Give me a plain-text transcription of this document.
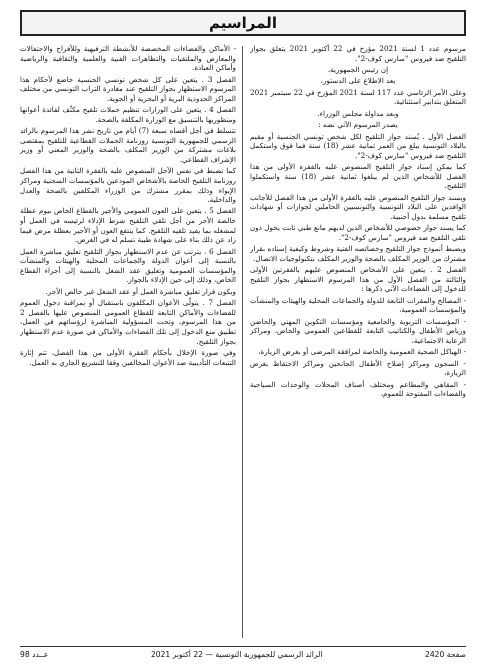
المراسيم

مرسوم عدد 1 لسنة 2021 مؤرخ في 22 أكتوبر 2021 يتعلق بجواز التلقيح ضد فيروس "سارس كوف-2".

إن رئيس الجمهورية،

بعد الاطلاع على الدستور،

وعلى الأمر الرئاسي عدد 117 لسنة 2021 المؤرخ في 22 سبتمبر 2021 المتعلق بتدابير استثنائية،

وبعد مداولة مجلس الوزراء.

يصدر المرسوم الآتي نصه :

الفصل الأول . يُسند جواز التلقيح لكل شخص تونسي الجنسية أو مقيم بالبلاد التونسية يبلغ من العمر ثمانية عشر (18) سنة فما فوق واستكمل التلقيح ضد فيروس "سارس كوف-2".

كما يمكن إسناد جواز التلقيح المنصوص عليه بالفقرة الأولى من هذا الفصل للأشخاص الذين لم يبلغوا ثمانية عشر (18) سنة واستكملوا التلقيح.

ويسند جواز التلقيح المنصوص عليه بالفقرة الأولى من هذا الفصل للأجانب الوافدين على البلاد التونسية والتونسيين الحاملين لجوازات أو شهادات تلقيح مسلمة بدول أجنبية.

كما يسند جواز خصوصي للأشخاص الذين لديهم مانع طبي ثابت يحول دون تلقي التلقيح ضد فيروس "سارس كوف-2".

ويضبط أنموذج جواز التلقيح وخصائصه الفنية وشروط وكيفية إسناده بقرار مشترك من الوزير المكلف بالصحة والوزير المكلف بتكنولوجيات الاتصال.

الفصل 2 . يتعين على الأشخاص المنصوص عليهم بالفقرتين الأولى والثالثة من الفصل الأول من هذا المرسوم الاستظهار بجواز التلقيح للدخول إلى الفضاءات الآتي ذكرها :

- المصالح والمقرات التابعة للدولة والجماعات المحلية والهيئات والمنشآت والمؤسسات العمومية،

- المؤسسات التربوية والجامعية ومؤسسات التكوين المهني والحاضن ورياض الأطفال والكتاتيب التابعة للقطاعين العمومي والخاص، ومراكز الرعاية الاجتماعية،

- الهياكل الصحية العمومية والخاصة لمرافقة المرضى أو بغرض الزيارة،

- السجون ومراكز إصلاح الأطفال الجانحين ومراكز الاحتفاظ بغرض الزيارة،

- المقاهي والمطاعم ومختلف أصناف المحلات والوحدات السياحية والفضاءات المفتوحة للعموم،

- الأماكن والفضاءات المخصصة للأنشطة الترفيهية وللأفراح والاحتفالات والمعارض والملتقيات والتظاهرات الفنية والعلمية والثقافية والرياضية وأماكن العبادة.

الفصل 3 . يتعين على كل شخص تونسي الجنسية خاضع لأحكام هذا المرسوم الاستظهار بجواز التلقيح عند مغادرة التراب التونسي من مختلف المراكز الحدودية البرية أو البحرية أو الجوية.

الفصل 4 . يتعين على الوزارات تنظيم حملات تلقيح مكثّف لفائدة أعوانها ومنظوريها بالتنسيق مع الوزارة المكلفة بالصحة.

تتسلط في أجل أقصاه سبعة (7) أيام من تاريخ نشر هذا المرسوم بالرائد الرسمي للجمهورية التونسية روزنامة الحملات القطاعية للتلقيح بمقتضى بلاغات مشتركة من الوزير المكلف بالصحة والوزير المعني أو وزير الإشراف القطاعي.

كما تضبط في نفس الأجل المنصوص عليه بالفقرة الثانية من هذا الفصل روزنامة التلقيح الخاصة بالأشخاص المودعين بالمؤسسات السجنية ومراكز الإيواء وذلك بمقرر مشترك من الوزراء المكلفين بالصحة والعدل والداخلية.

الفصل 5 . يتعين على العون العمومي والأجير بالقطاع الخاص بيوم عطلة خالصة الأجر من أجل تلقي التلقيح شرط الإدلاء لرئيسه في العمل أو لمشغله بما يفيد تلقيه التلقيح. كما ينتفع العون أو الأجير بعطلة مرض فيما زاد عن ذلك بناء على شهادة طبية تسلم له في الغرض.

الفصل 6 . يترتب عن عدم الاستظهار بجواز التلقيح تعليق مباشرة العمل بالنسبة إلى أعوان الدولة والجماعات المحلية والهيئات والمنشآت والمؤسسات العمومية وتعليق عقد الشغل بالنسبة إلى أجراء القطاع الخاص، وذلك إلى حين الإدلاء بالجواز.

ويكون قرار تعليق مباشرة العمل أو عقد الشغل غير خالص الأجر.

الفصل 7 . يتولّى الأعوان المكلفون باستقبال أو بمراقبة دخول العموم للفضاءات والأماكن التابعة للقطاع العمومي المنصوص عليها بالفصل 2 من هذا المرسوم، وتحت المسؤولية المباشرة لرؤسائهم في العمل، تطبيق منع الدخول إلى تلك الفضاءات والأماكن في صورة عدم الاستظهار بجواز التلقيح.

وفي صورة الإخلال بأحكام الفقرة الأولى من هذا الفصل، تتم إثارة التتبعات التأديبية ضد الأعوان المخالفين وفقا للتشريع الجاري به العمل.

صفحة 2420
الرائد الرسمي للجمهورية التونسية — 22 أكتوبر 2021
عــدد 98
